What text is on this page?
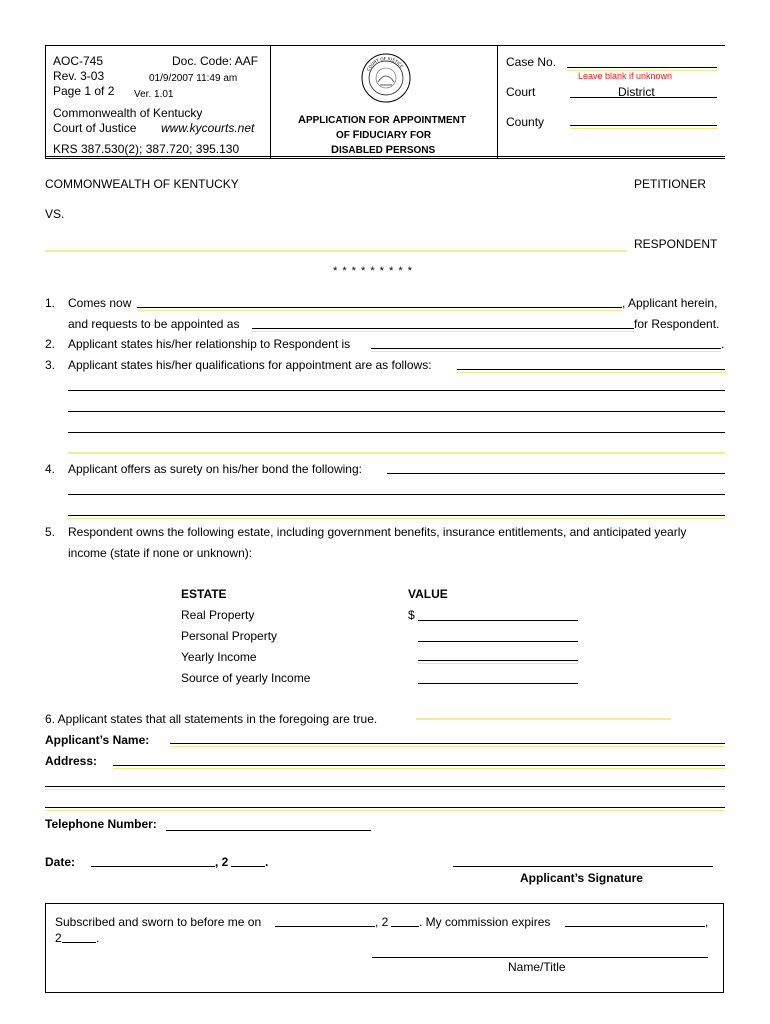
AOC-745	Doc. Code: AAF
Rev. 3-03	01/9/2007 11:49 am
Page 1 of 2 Ver. 1.01
Commonwealth of Kentucky
Court of Justice www.kycourts.net
KRS 387.530(2); 387.720; 395.130
COURT OF JUSTICE
APPLICATION FOR APPOINTMENT
OF FIDUCIARY FOR
DISABLED PERSONS
Case No.
Leave blank if unknown
Court	District
County
COMMONWEALTH OF KENTUCKY	PETITIONER
VS.
RESPONDENT
* * * * * * * * *
1. Comes now	, Applicant herein,
and requests to be appointed as	for Respondent.
2. Applicant states his/her relationship to Respondent is	.
3. Applicant states his/her qualifications for appointment are as follows:
4. Applicant offers as surety on his/her bond the following:
5. Respondent owns the following estate, including government benefits, insurance entitlements, and anticipated yearly
income (state if none or unknown):
ESTATE	VALUE
Real Property	$
Personal Property
Yearly Income
Source of yearly Income
6. Applicant states that all statements in the foregoing are true.
Applicant’s Name:
Address:
Telephone Number:
Date:	, 2	.
Applicant’s Signature
Subscribed and sworn to before me on	, 2	. My commission expires	,
2	.
Name/Title
